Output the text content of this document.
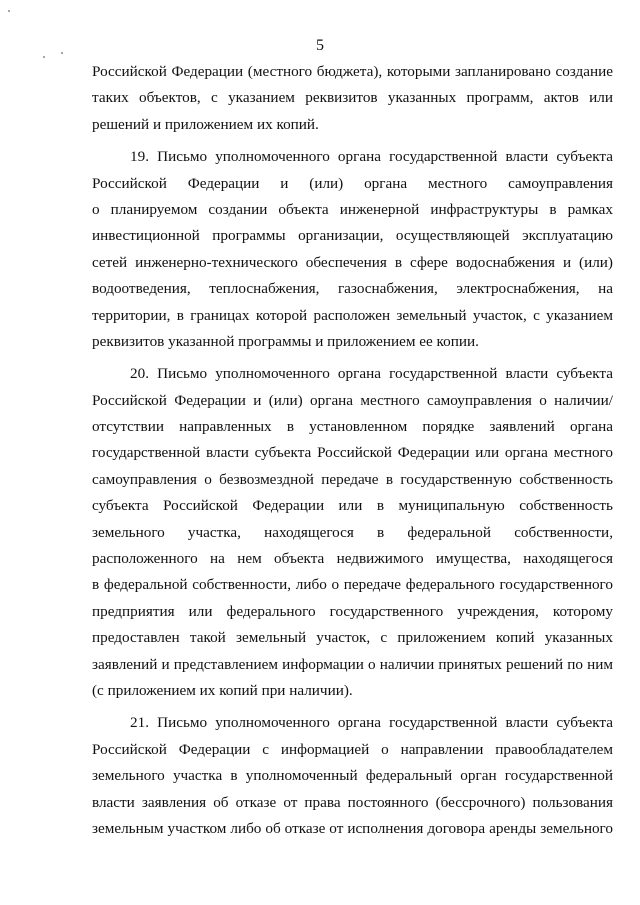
5
Российской Федерации (местного бюджета), которыми запланировано создание
таких объектов, с указанием реквизитов указанных программ, актов или
решений и приложением их копий.
19. Письмо уполномоченного органа государственной власти субъекта
Российской Федерации и (или) органа местного самоуправления
о планируемом создании объекта инженерной инфраструктуры в рамках
инвестиционной программы организации, осуществляющей эксплуатацию
сетей инженерно-технического обеспечения в сфере водоснабжения и (или)
водоотведения, теплоснабжения, газоснабжения, электроснабжения, на
территории, в границах которой расположен земельный участок, с указанием
реквизитов указанной программы и приложением ее копии.
20. Письмо уполномоченного органа государственной власти субъекта
Российской Федерации и (или) органа местного самоуправления о наличии/
отсутствии направленных в установленном порядке заявлений органа
государственной власти субъекта Российской Федерации или органа местного
самоуправления о безвозмездной передаче в государственную собственность
субъекта Российской Федерации или в муниципальную собственность
земельного участка, находящегося в федеральной собственности,
расположенного на нем объекта недвижимого имущества, находящегося
в федеральной собственности, либо о передаче федерального государственного
предприятия или федерального государственного учреждения, которому
предоставлен такой земельный участок, с приложением копий указанных
заявлений и представлением информации о наличии принятых решений по ним
(с приложением их копий при наличии).
21. Письмо уполномоченного органа государственной власти субъекта
Российской Федерации с информацией о направлении правообладателем
земельного участка в уполномоченный федеральный орган государственной
власти заявления об отказе от права постоянного (бессрочного) пользования
земельным участком либо об отказе от исполнения договора аренды земельного
